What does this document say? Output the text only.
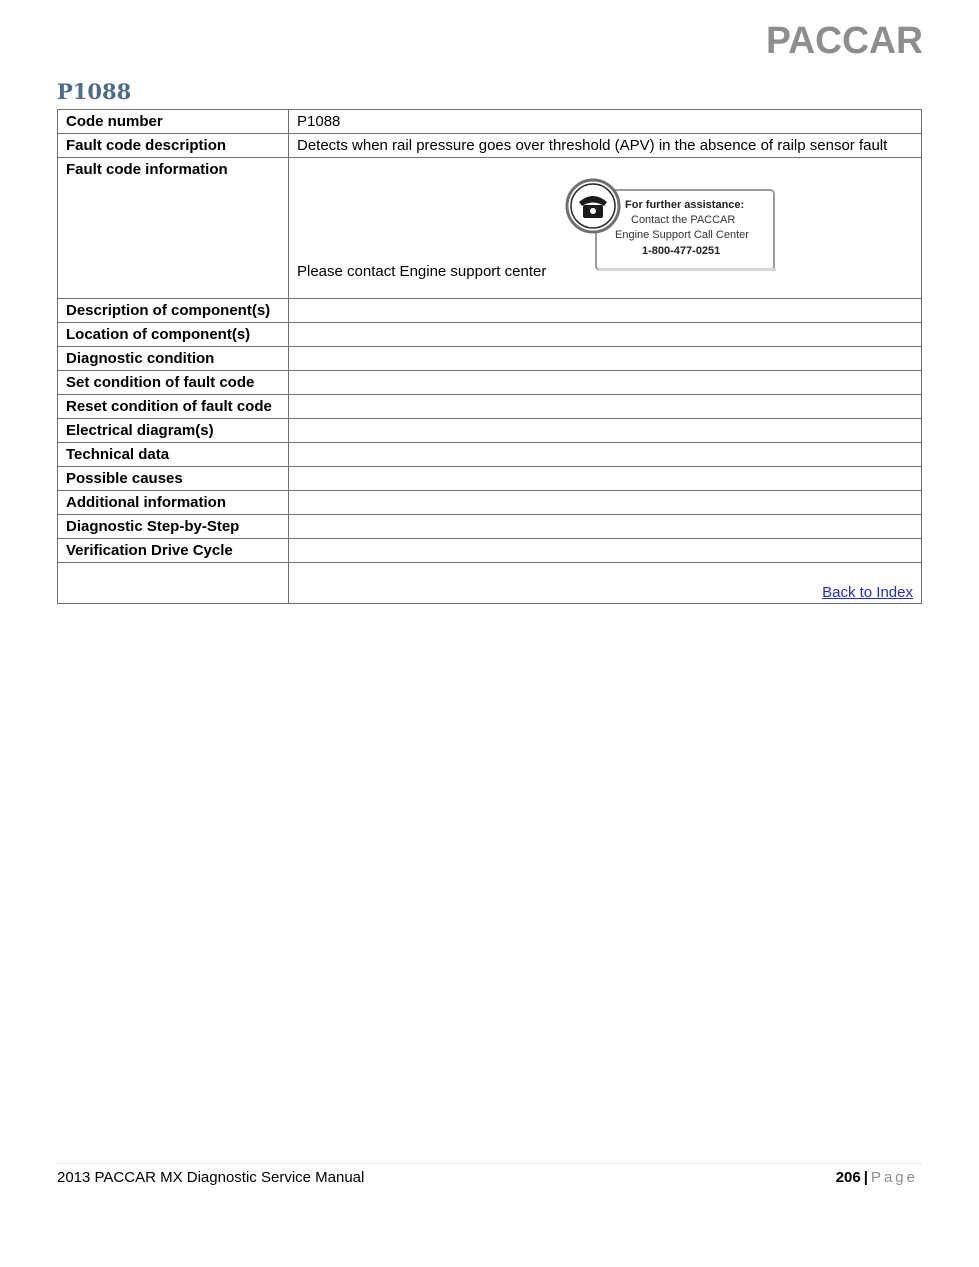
PACCAR
P1088
Code number	P1088
Fault code description	Detects when rail pressure goes over threshold (APV) in the absence of railp sensor fault
Fault code information	Please contact Engine support center
For further assistance:
Contact the PACCAR
Engine Support Call Center
1-800-477-0251

Description of component(s)	
Location of component(s)	
Diagnostic condition	
Set condition of fault code	
Reset condition of fault code	
Electrical diagram(s)	
Technical data	
Possible causes	
Additional information	
Diagnostic Step-by-Step	
Verification Drive Cycle	
	Back to Index
2013 PACCAR MX Diagnostic Service Manual	206 | Page
